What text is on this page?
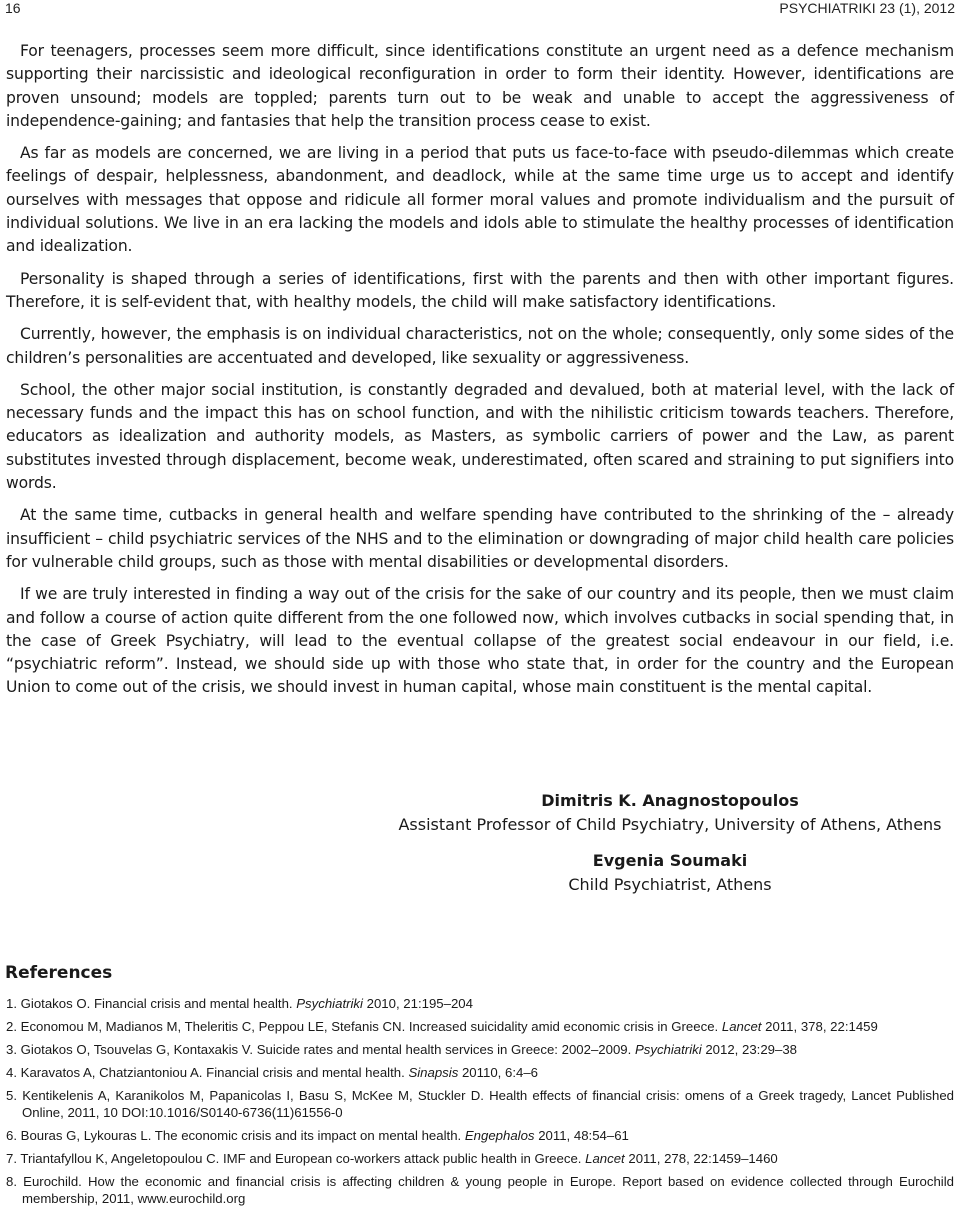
16	PSYCHIATRIKI 23 (1), 2012

For teenagers, processes seem more difficult, since identifications constitute an urgent need as a defence mechanism supporting their narcissistic and ideological reconfiguration in order to form their identity. However, identifications are proven unsound; models are toppled; parents turn out to be weak and unable to accept the aggressiveness of independence-gaining; and fantasies that help the transition process cease to exist.

As far as models are concerned, we are living in a period that puts us face-to-face with pseudo-dilemmas which create feelings of despair, helplessness, abandonment, and deadlock, while at the same time urge us to accept and identify ourselves with messages that oppose and ridicule all former moral values and promote individualism and the pursuit of individual solutions. We live in an era lacking the models and idols able to stimulate the healthy processes of identification and idealization.

Personality is shaped through a series of identifications, first with the parents and then with other important figures. Therefore, it is self-evident that, with healthy models, the child will make satisfactory identifications.

Currently, however, the emphasis is on individual characteristics, not on the whole; consequently, only some sides of the children’s personalities are accentuated and developed, like sexuality or aggressiveness.

School, the other major social institution, is constantly degraded and devalued, both at material level, with the lack of necessary funds and the impact this has on school function, and with the nihilistic criticism towards teachers. Therefore, educators as idealization and authority models, as Masters, as symbolic carriers of power and the Law, as parent substitutes invested through displacement, become weak, underestimated, often scared and straining to put signifiers into words.

At the same time, cutbacks in general health and welfare spending have contributed to the shrinking of the – already insufficient – child psychiatric services of the NHS and to the elimination or downgrading of major child health care policies for vulnerable child groups, such as those with mental disabilities or developmental disorders.

If we are truly interested in finding a way out of the crisis for the sake of our country and its people, then we must claim and follow a course of action quite different from the one followed now, which involves cutbacks in social spending that, in the case of Greek Psychiatry, will lead to the eventual collapse of the greatest social endeavour in our field, i.e. “psychiatric reform”. Instead, we should side up with those who state that, in order for the country and the European Union to come out of the crisis, we should invest in human capital, whose main constituent is the mental capital.

Dimitris K. Anagnostopoulos
Assistant Professor of Child Psychiatry, University of Athens, Athens
Evgenia Soumaki
Child Psychiatrist, Athens
References
1. Giotakos O. Financial crisis and mental health. Psychiatriki 2010, 21:195–204
2. Economou M, Madianos M, Theleritis C, Peppou LE, Stefanis CN. Increased suicidality amid economic crisis in Greece. Lancet 2011, 378, 22:1459
3. Giotakos O, Tsouvelas G, Kontaxakis V. Suicide rates and mental health services in Greece: 2002–2009. Psychiatriki 2012, 23:29–38
4. Karavatos A, Chatziantoniou A. Financial crisis and mental health. Sinapsis 20110, 6:4–6
5. Kentikelenis A, Karanikolos M, Papanicolas I, Basu S, McKee M, Stuckler D. Health effects of financial crisis: omens of a Greek tragedy, Lancet Published Online, 2011, 10 DOI:10.1016/S0140-6736(11)61556-0
6. Bouras G, Lykouras L. The economic crisis and its impact on mental health. Engephalos 2011, 48:54–61
7. Triantafyllou K, Angeletopoulou C. IMF and European co-workers attack public health in Greece. Lancet 2011, 278, 22:1459–1460
8. Eurochild. How the economic and financial crisis is affecting children & young people in Europe. Report based on evidence collected through Eurochild membership, 2011, www.eurochild.org
